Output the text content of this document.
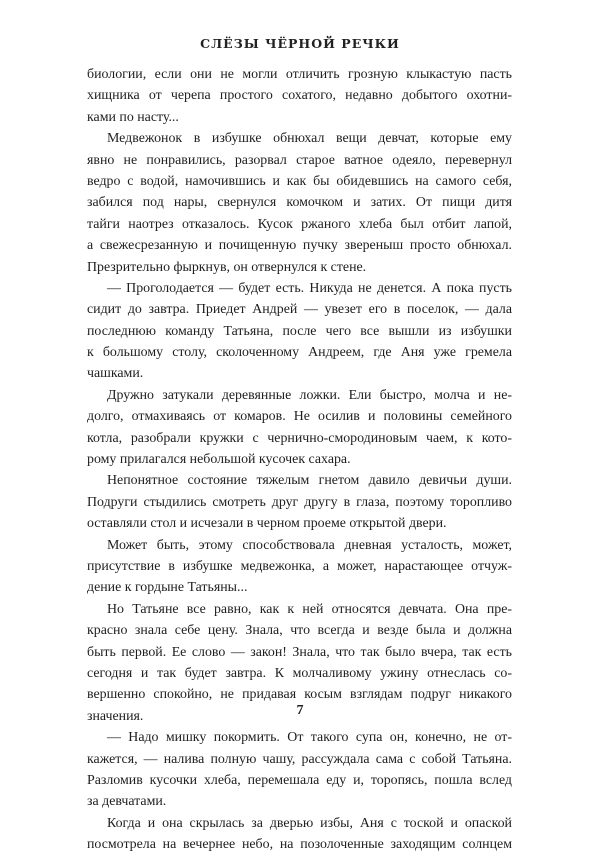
СЛЁЗЫ ЧЁРНОЙ РЕЧКИ

биологии, если они не могли отличить грозную клыкастую пасть
хищника от черепа простого сохатого, недавно добытого охотни-
ками по насту...

Медвежонок в избушке обнюхал вещи девчат, которые ему
явно не понравились, разорвал старое ватное одеяло, перевернул
ведро с водой, намочившись и как бы обидевшись на самого себя,
забился под нары, свернулся комочком и затих. От пищи дитя
тайги наотрез отказалось. Кусок ржаного хлеба был отбит лапой,
а свежесрезанную и почищенную пучку звереныш просто обнюхал.
Презрительно фыркнув, он отвернулся к стене.

— Проголодается — будет есть. Никуда не денется. А пока пусть
сидит до завтра. Приедет Андрей — увезет его в поселок, — дала
последнюю команду Татьяна, после чего все вышли из избушки
к большому столу, сколоченному Андреем, где Аня уже гремела
чашками.

Дружно затукали деревянные ложки. Ели быстро, молча и не-
долго, отмахиваясь от комаров. Не осилив и половины семейного
котла, разобрали кружки с чернично-смородиновым чаем, к кото-
рому прилагался небольшой кусочек сахара.

Непонятное состояние тяжелым гнетом давило девичьи души.
Подруги стыдились смотреть друг другу в глаза, поэтому торопливо
оставляли стол и исчезали в черном проеме открытой двери.

Может быть, этому способствовала дневная усталость, может,
присутствие в избушке медвежонка, а может, нарастающее отчуж-
дение к гордыне Татьяны...

Но Татьяне все равно, как к ней относятся девчата. Она пре-
красно знала себе цену. Знала, что всегда и везде была и должна
быть первой. Ее слово — закон! Знала, что так было вчера, так есть
сегодня и так будет завтра. К молчаливому ужину отнеслась со-
вершенно спокойно, не придавая косым взглядам подруг никакого
значения.

— Надо мишку покормить. От такого супа он, конечно, не от-
кажется, — налива полную чашу, рассуждала сама с собой Татьяна.
Разломив кусочки хлеба, перемешала еду и, торопясь, пошла вслед
за девчатами.

Когда и она скрылась за дверью избы, Аня с тоской и опаской
посмотрела на вечернее небо, на позолоченные заходящим солнцем

7
